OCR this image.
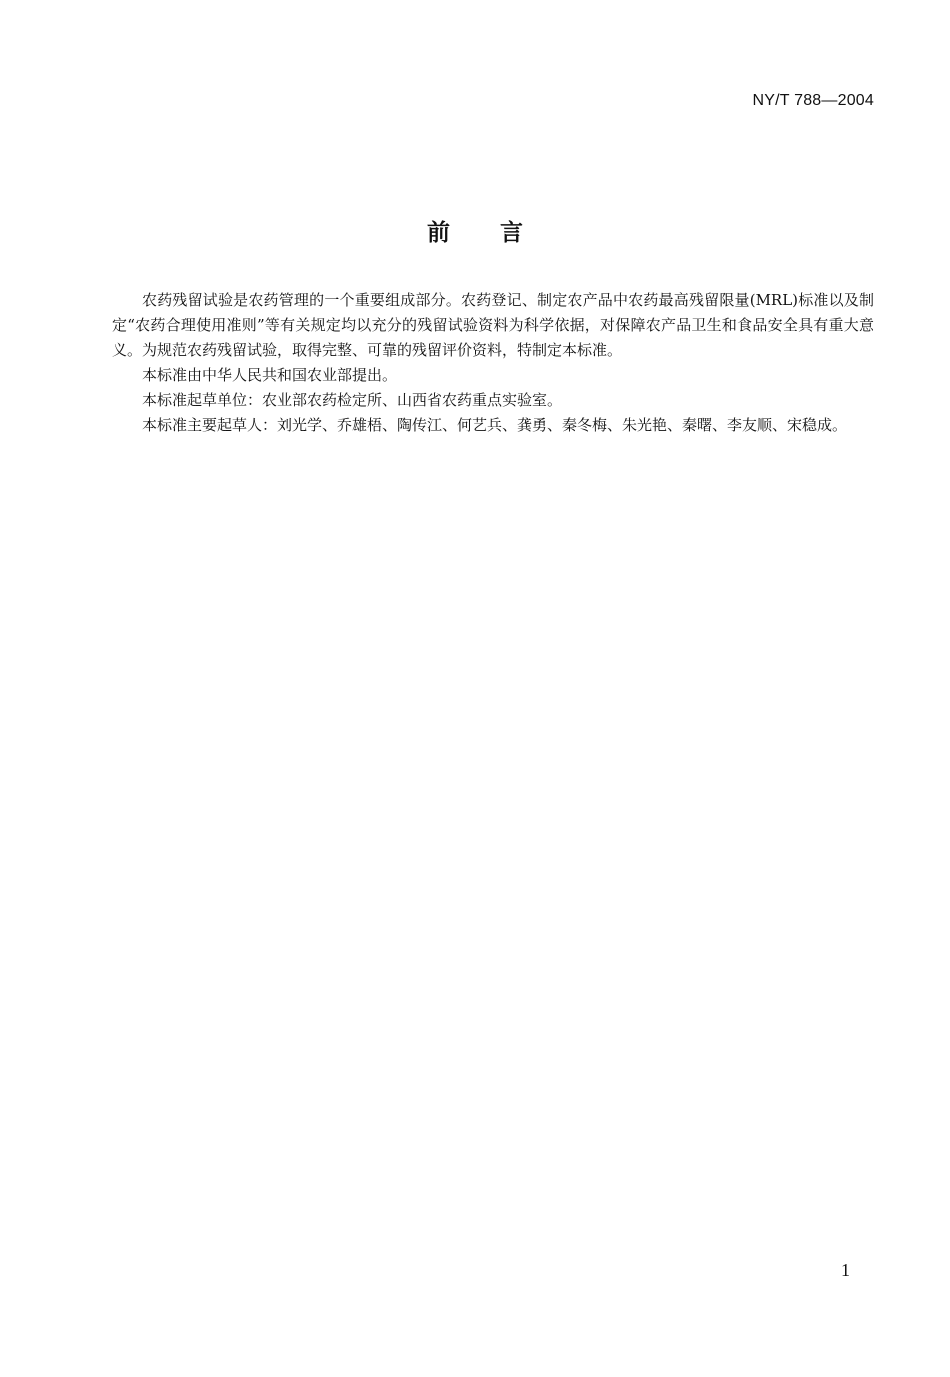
NY/T 788—2004
前言

农药残留试验是农药管理的一个重要组成部分。农药登记、制定农产品中农药最高残留限量(MRL)标准以及制定“农药合理使用准则”等有关规定均以充分的残留试验资料为科学依据，对保障农产品卫生和食品安全具有重大意义。为规范农药残留试验，取得完整、可靠的残留评价资料，特制定本标准。

本标准由中华人民共和国农业部提出。

本标准起草单位：农业部农药检定所、山西省农药重点实验室。

本标准主要起草人：刘光学、乔雄梧、陶传江、何艺兵、龚勇、秦冬梅、朱光艳、秦曙、李友顺、宋稳成。

1
